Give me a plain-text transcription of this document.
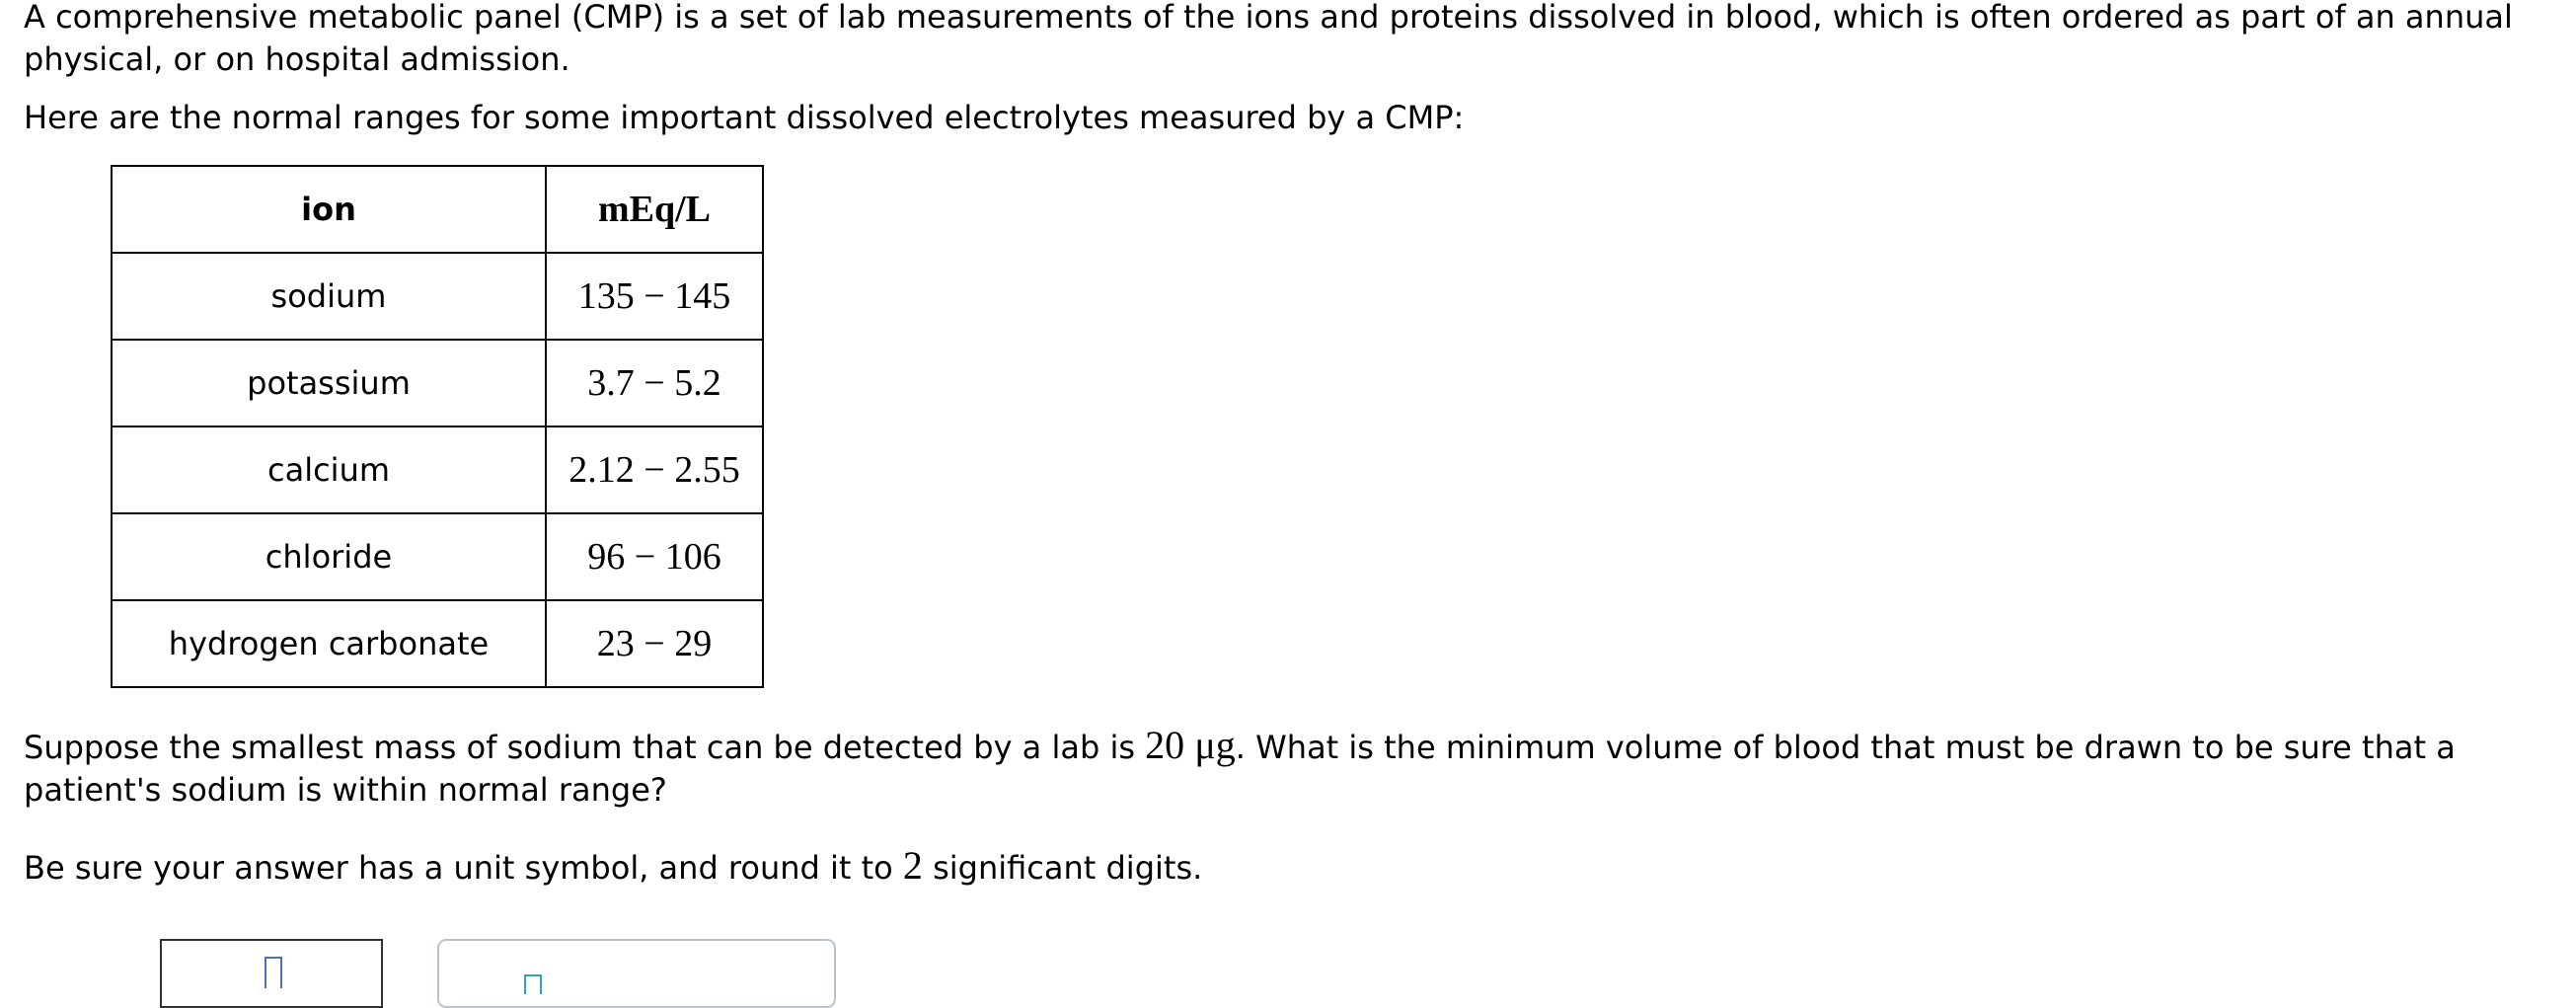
A comprehensive metabolic panel (CMP) is a set of lab measurements of the ions and proteins dissolved in blood, which is often ordered as part of an annual
physical, or on hospital admission.

Here are the normal ranges for some important dissolved electrolytes measured by a CMP:

ion	mEq/L
sodium	135 − 145
potassium	3.7 − 5.2
calcium	2.12 − 2.55
chloride	96 − 106
hydrogen carbonate	23 − 29

Suppose the smallest mass of sodium that can be detected by a lab is 20 μg. What is the minimum volume of blood that must be drawn to be sure that a
patient's sodium is within normal range?

Be sure your answer has a unit symbol, and round it to 2 significant digits.
